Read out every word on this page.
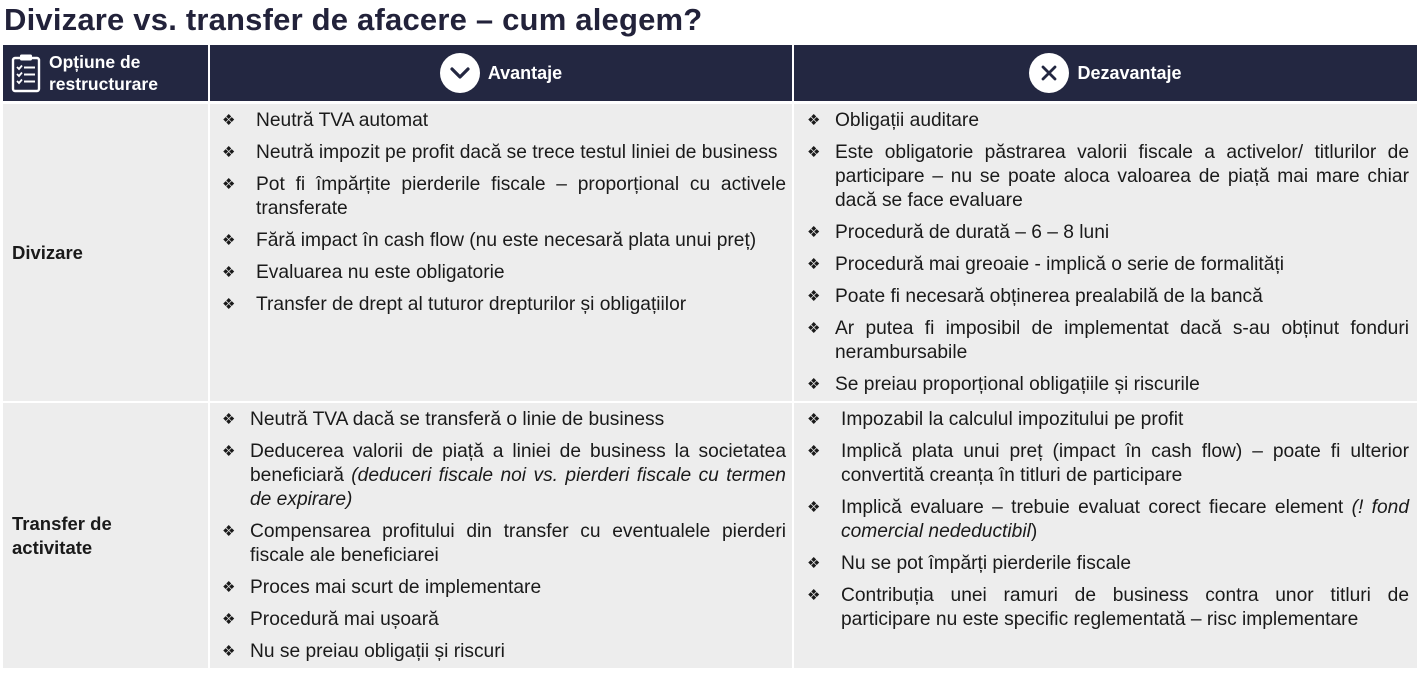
Divizare vs. transfer de afacere – cum alegem?
Opțiune de
restructurare
Avantaje	Dezavantaje
Divizare
❖ Neutră TVA automat
❖ Neutră impozit pe profit dacă se trece testul liniei de business
❖ Pot fi împărțite pierderile fiscale – proporțional cu activele transferate
❖ Fără impact în cash flow (nu este necesară plata unui preț)
❖ Evaluarea nu este obligatorie
❖ Transfer de drept al tuturor drepturilor și obligațiilor
❖ Obligații auditare
❖ Este obligatorie păstrarea valorii fiscale a activelor/ titlurilor de participare – nu se poate aloca valoarea de piață mai mare chiar dacă se face evaluare
❖ Procedură de durată – 6 – 8 luni
❖ Procedură mai greoaie - implică o serie de formalități
❖ Poate fi necesară obținerea prealabilă de la bancă
❖ Ar putea fi imposibil de implementat dacă s-au obținut fonduri nerambursabile
❖ Se preiau proporțional obligațiile și riscurile
Transfer de
activitate
❖ Neutră TVA dacă se transferă o linie de business
❖ Deducerea valorii de piață a liniei de business la societatea beneficiară (deduceri fiscale noi vs. pierderi fiscale cu termen de expirare)
❖ Compensarea profitului din transfer cu eventualele pierderi fiscale ale beneficiarei
❖ Proces mai scurt de implementare
❖ Procedură mai ușoară
❖ Nu se preiau obligații și riscuri
❖ Impozabil la calculul impozitului pe profit
❖ Implică plata unui preț (impact în cash flow) – poate fi ulterior convertită creanța în titluri de participare
❖ Implică evaluare – trebuie evaluat corect fiecare element (! fond comercial nedeductibil)
❖ Nu se pot împărți pierderile fiscale
❖ Contribuția unei ramuri de business contra unor titluri de participare nu este specific reglementată – risc implementare
